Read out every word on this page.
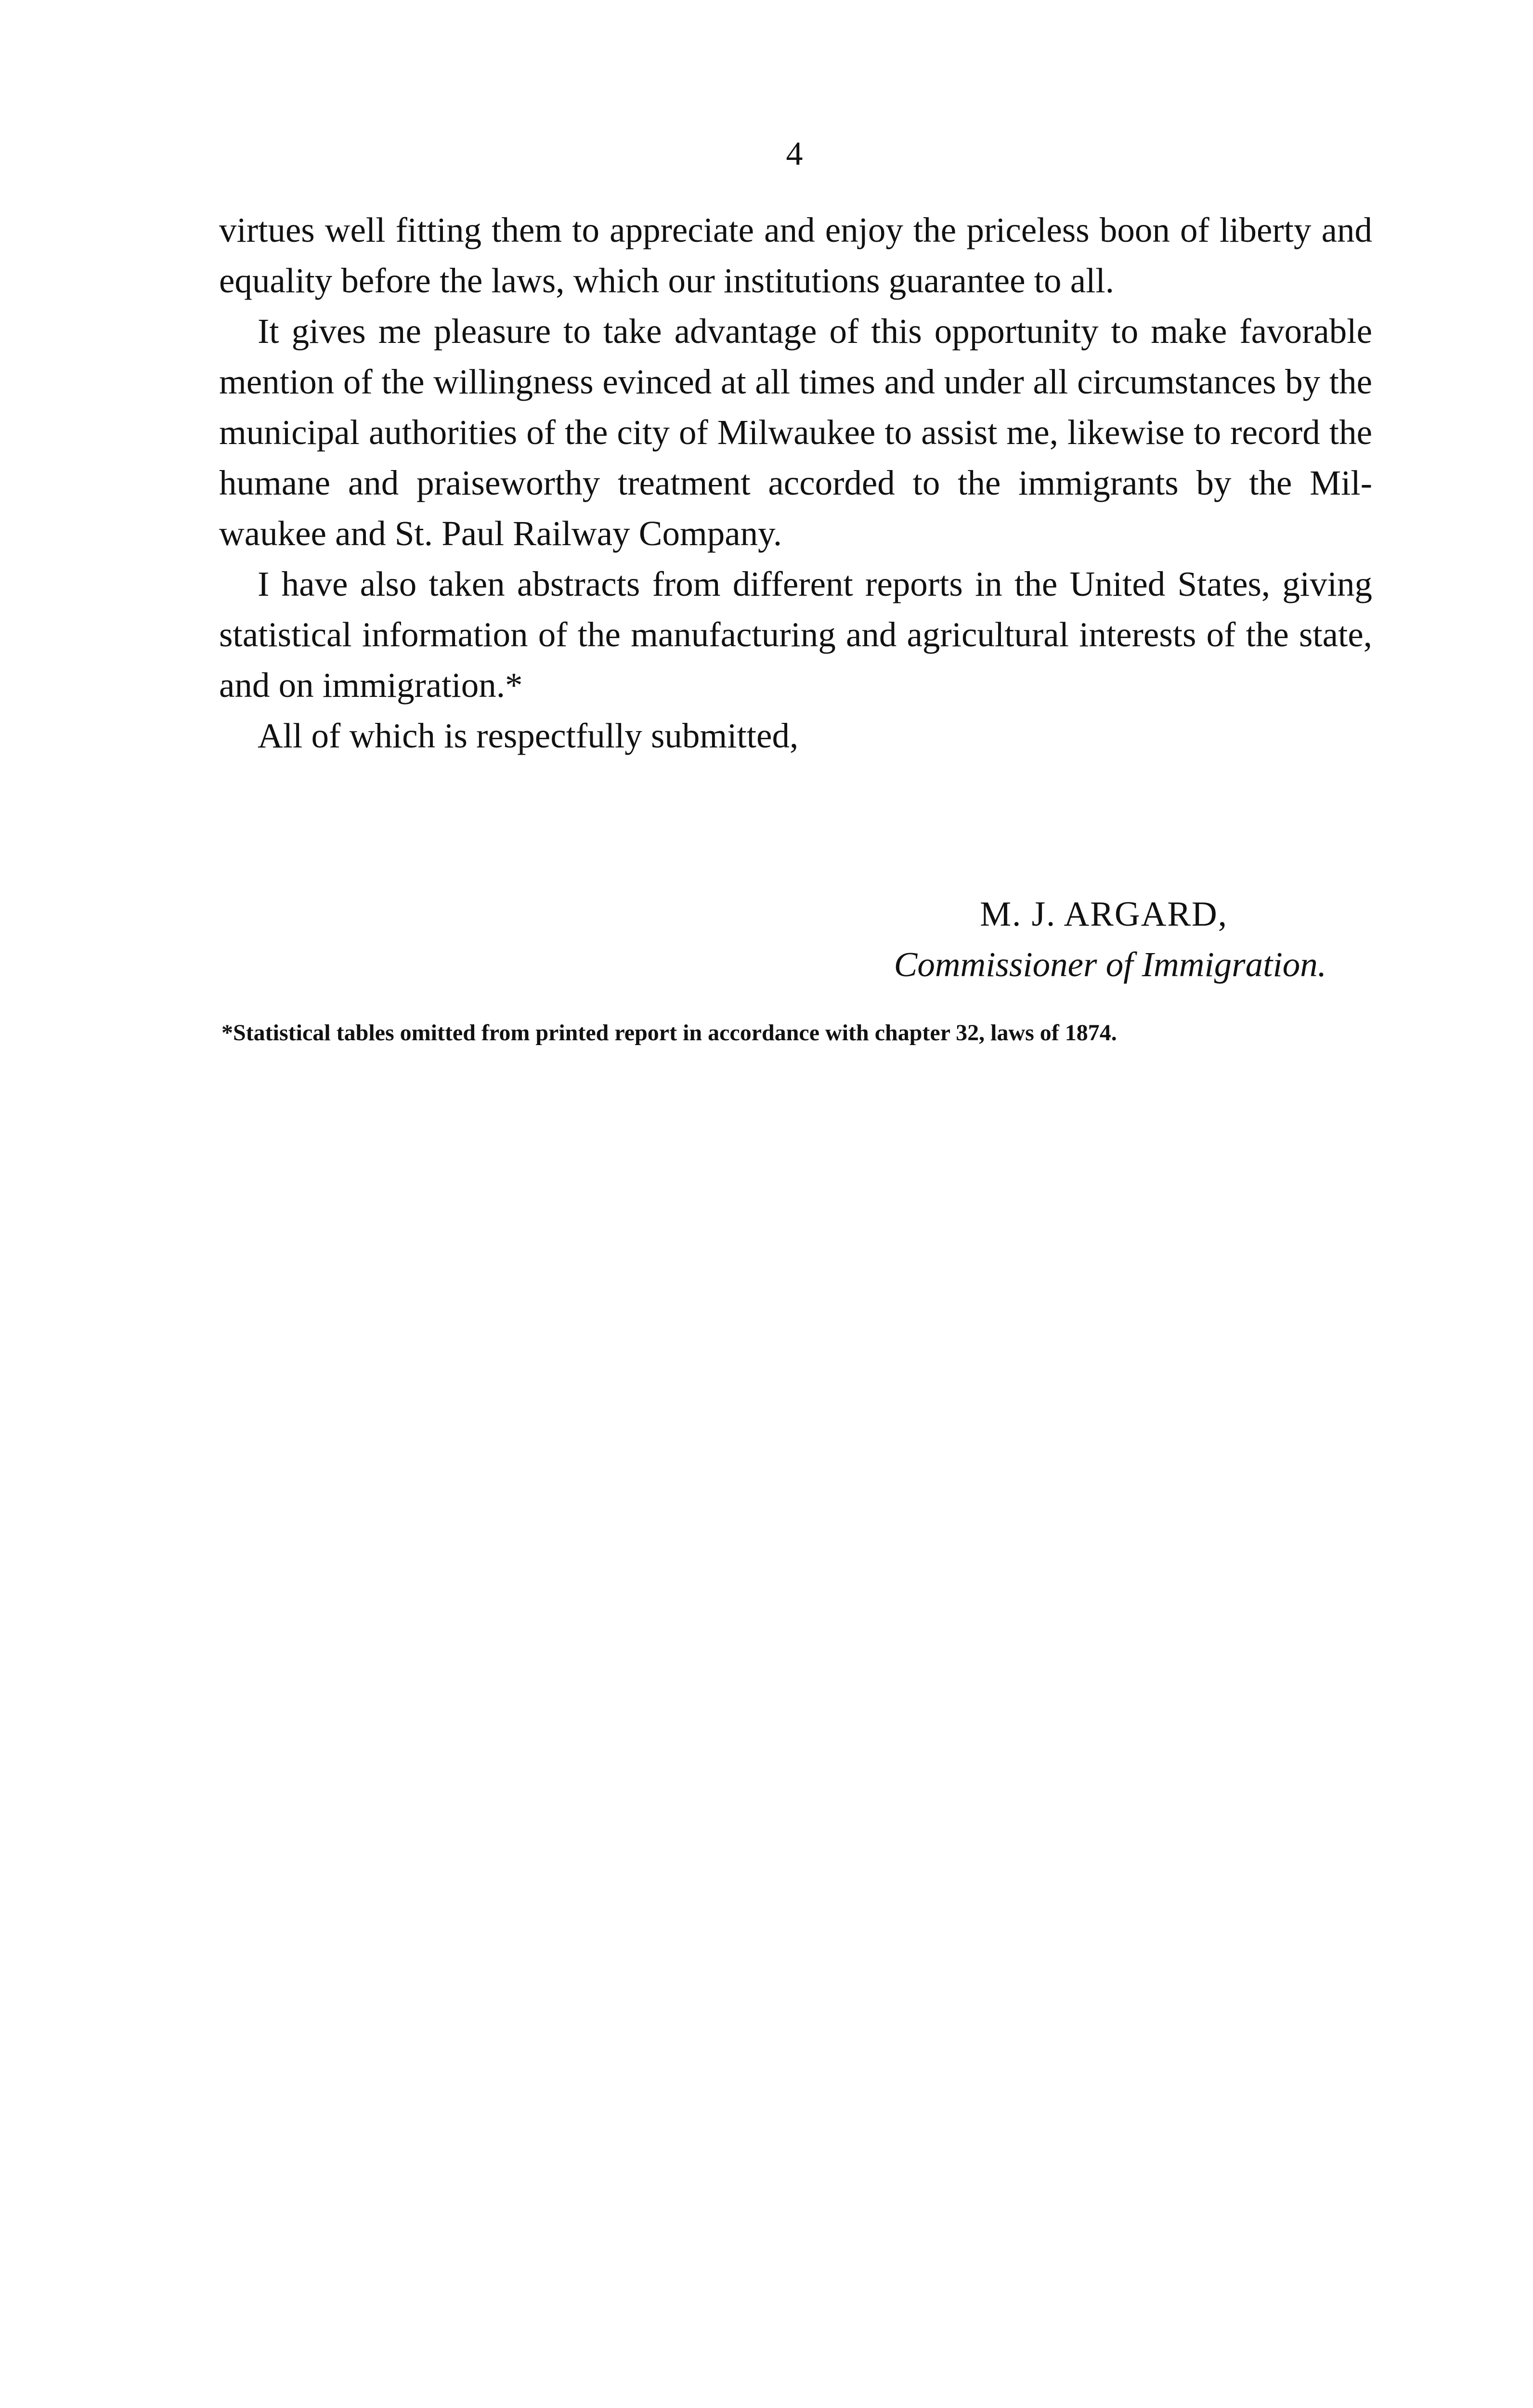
4

virtues well fitting them to appreciate and enjoy the priceless boon of liberty and equality before the laws, which our institutions guarantee to all.

It gives me pleasure to take advantage of this opportunity to make favorable mention of the willingness evinced at all times and under all circumstances by the municipal authorities of the city of Milwaukee to assist me, likewise to record the humane and praiseworthy treatment accorded to the immigrants by the Milwaukee and St. Paul Railway Company.

I have also taken abstracts from different reports in the United States, giving statistical information of the manufacturing and agricultural interests of the state, and on immigration.*

All of which is respectfully submitted,

M. J. ARGARD,
Commissioner of Immigration.
*Statistical tables omitted from printed report in accordance with chapter 32, laws of 1874.
